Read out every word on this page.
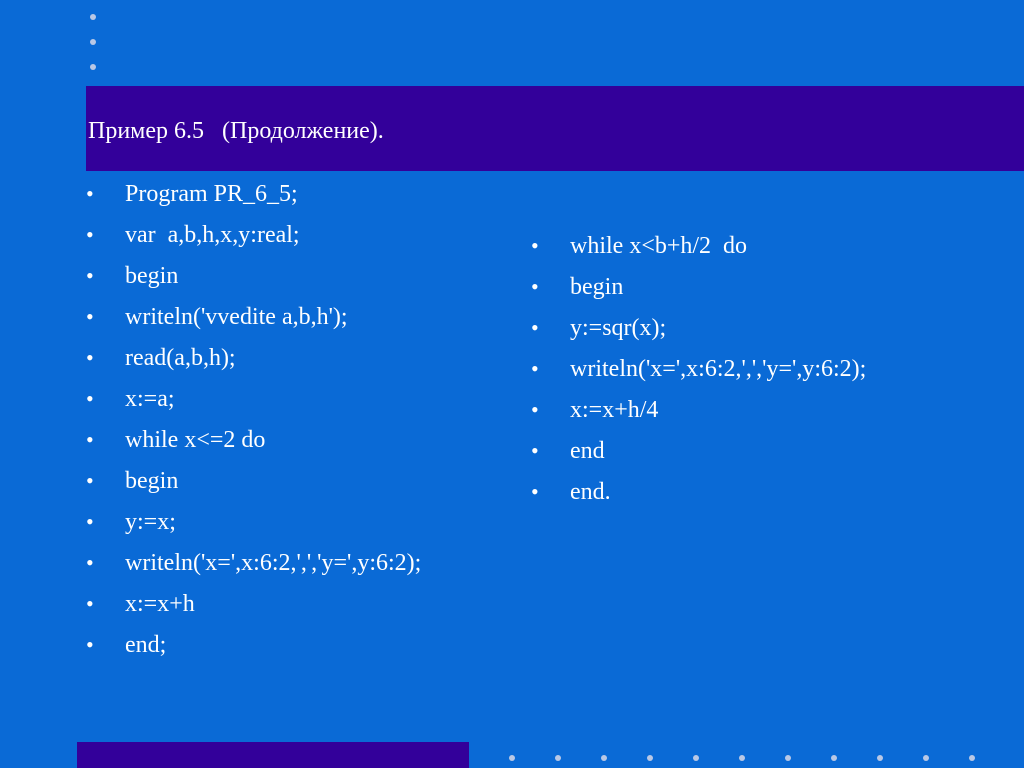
Пример 6.5   (Продолжение).
• Program PR_6_5;
• var  a,b,h,x,y:real;
• begin
• writeln('vvedite a,b,h');
• read(a,b,h);
• x:=a;
• while x<=2 do
• begin
• y:=x;
• writeln('x=',x:6:2,',','y=',y:6:2);
• x:=x+h
• end;
• while x<b+h/2  do
• begin
• y:=sqr(x);
• writeln('x=',x:6:2,',','y=',y:6:2);
• x:=x+h/4
• end
• end.
